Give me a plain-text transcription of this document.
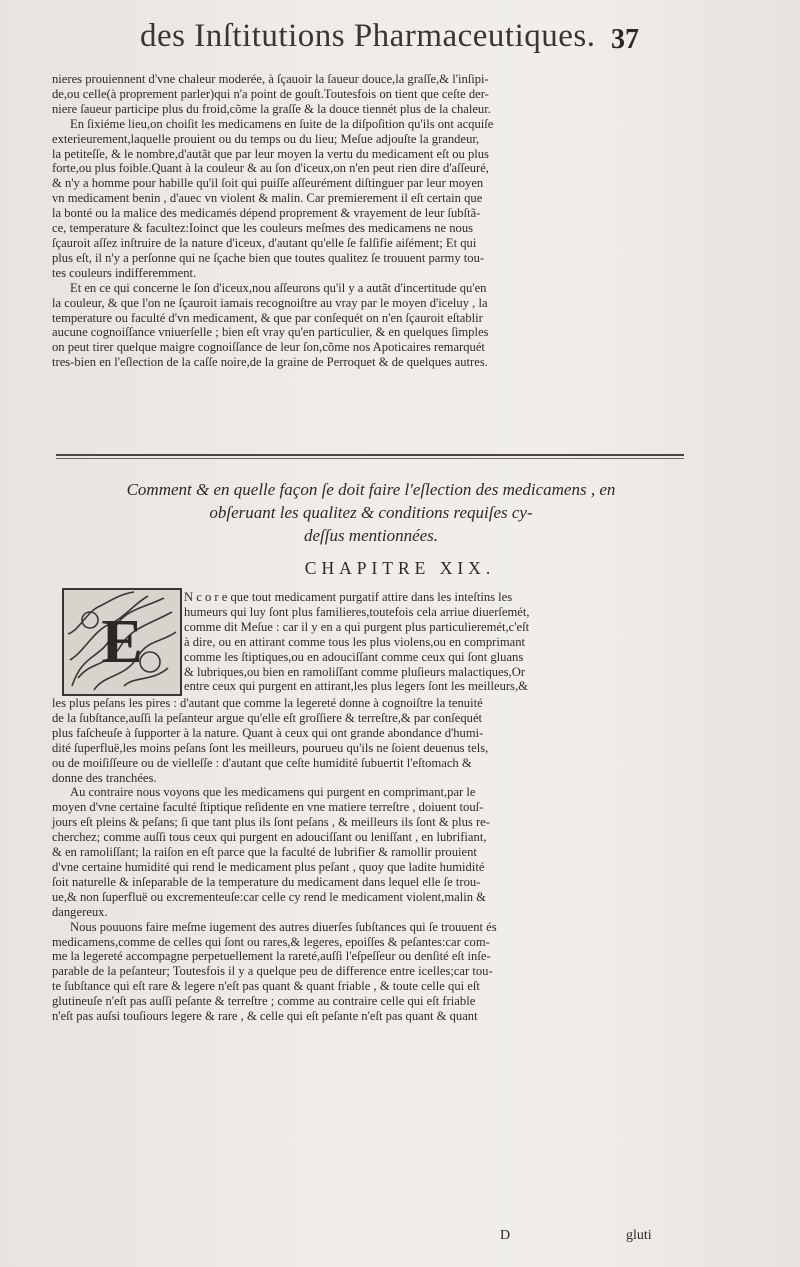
des Inſtitutions Pharmaceutiques. 37

nieres prouiennent d'vne chaleur moderée, à ſçauoir la ſaueur douce,la graſſe,& l'inſipi-

de,ou celle(à proprement parler)qui n'a point de gouſt.Toutesfois on tient que ceſte der-

niere ſaueur participe plus du froid,cõme la graſſe & la douce tiennét plus de la chaleur.

En ſixiéme lieu,on choiſit les medicamens en ſuite de la diſpoſition qu'ils ont acquiſe

exterieurement,laquelle prouient ou du temps ou du lieu; Meſue adjouſte la grandeur,

la petiteſſe, & le nombre,d'autãt que par leur moyen la vertu du medicament eſt ou plus

forte,ou plus foible.Quant à la couleur & au ſon d'iceux,on n'en peut rien dire d'aſſeuré,

& n'y a homme pour habille qu'il ſoit qui puiſſe aſſeurément diſtinguer par leur moyen

vn medicament benin , d'auec vn violent & malin. Car premierement il eſt certain que

la bonté ou la malice des medicamés dépend proprement & vrayement de leur ſubſtã-

ce, temperature & facultez:Ioinct que les couleurs meſmes des medicamens ne nous

ſçauroit aſſez inſtruire de la nature d'iceux, d'autant qu'elle ſe falſifie aiſément; Et qui

plus eſt, il n'y a perſonne qui ne ſçache bien que toutes qualitez ſe trouuent parmy tou-

tes couleurs indifferemment.

Et en ce qui concerne le ſon d'iceux,nou aſſeurons qu'il y a autãt d'incertitude qu'en

la couleur, & que l'on ne ſçauroit iamais recognoiſtre au vray par le moyen d'iceluy , la

temperature ou faculté d'vn medicament, & que par conſequét on n'en ſçauroit eſtablir

aucune cognoiſſance vniuerſelle ; bien eſt vray qu'en particulier, & en quelques ſimples

on peut tirer quelque maigre cognoiſſance de leur ſon,cõme nos Apoticaires remarquét

tres-bien en l'eſlection de la caſſe noire,de la graine de Perroquet & de quelques autres.

Comment & en quelle façon ſe doit faire l'eſlection des medicamens , en
obſeruant les qualitez & conditions requiſes cy-
deſſus mentionnées.
CHAPITRE XIX.
E
N c o r e que tout medicament purgatif attire dans les inteſtins les
humeurs qui luy ſont plus familieres,toutefois cela arriue diuerſemét,
comme dit Meſue : car il y en a qui purgent plus particulieremét,c'eſt
à dire, ou en attirant comme tous les plus violens,ou en comprimant
comme les ſtiptiques,ou en adouciſſant comme ceux qui ſont gluans
& lubriques,ou bien en ramoliſſant comme pluſieurs malactiques,Or
entre ceux qui purgent en attirant,les plus legers ſont les meilleurs,&

les plus peſans les pires : d'autant que comme la legereté donne à cognoiſtre la tenuité

de la ſubſtance,auſſi la peſanteur argue qu'elle eſt groſſiere & terreſtre,& par conſequét

plus faſcheuſe à ſupporter à la nature. Quant à ceux qui ont grande abondance d'humi-

dité ſuperfluë,les moins peſans ſont les meilleurs, pourueu qu'ils ne ſoient deuenus tels,

ou de moiſiſſeure ou de vielleſſe : d'autant que ceſte humidité ſubuertit l'eſtomach &

donne des tranchées.

Au contraire nous voyons que les medicamens qui purgent en comprimant,par le

moyen d'vne certaine faculté ſtiptique reſidente en vne matiere terreſtre , doiuent touſ-

jours eſt pleins & peſans; ſi que tant plus ils ſont peſans , & meilleurs ils ſont & plus re-

cherchez; comme auſſi tous ceux qui purgent en adouciſſant ou leniſſant , en lubrifiant,

& en ramoliſſant; la raiſon en eſt parce que la faculté de lubrifier & ramollir prouient

d'vne certaine humidité qui rend le medicament plus peſant , quoy que ladite humidité

ſoit naturelle & inſeparable de la temperature du medicament dans lequel elle ſe trou-

ue,& non ſuperfluë ou excrementeuſe:car celle cy rend le medicament violent,malin &

dangereux.

Nous pouuons faire meſme iugement des autres diuerſes ſubſtances qui ſe trouuent és

medicamens,comme de celles qui ſont ou rares,& legeres, epoiſſes & peſantes:car com-

me la legereté accompagne perpetuellement la rareté,auſſi l'eſpeſſeur ou denſité eſt inſe-

parable de la peſanteur; Toutesfois il y a quelque peu de difference entre icelles;car tou-

te ſubſtance qui eſt rare & legere n'eſt pas quant & quant friable , & toute celle qui eſt

glutineuſe n'eſt pas auſſi peſante & terreſtre ; comme au contraire celle qui eſt friable

n'eſt pas auſsi touſiours legere & rare , & celle qui eſt peſante n'eſt pas quant & quant

D	gluti
